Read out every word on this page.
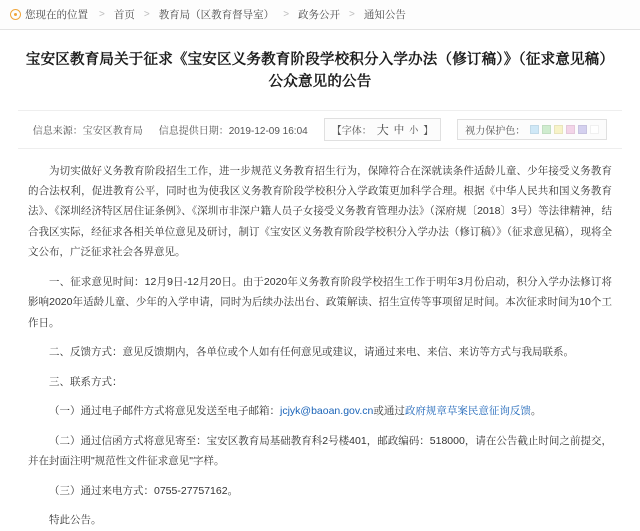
您现在的位置 > 首页 > 教育局（区教育督导室） > 政务公开 > 通知公告
宝安区教育局关于征求《宝安区义务教育阶段学校积分入学办法（修订稿）》（征求意见稿）公众意见的公告
信息来源：宝安区教育局 信息提供日期：2019-12-09 16:04 【字体： 大 中 小 】	视力保护色：

为切实做好义务教育阶段招生工作，进一步规范义务教育招生行为，保障符合在深就读条件适龄儿童、少年接受义务教育的合法权利，促进教育公平，同时也为使我区义务教育阶段学校积分入学政策更加科学合理。根据《中华人民共和国义务教育法》、《深圳经济特区居住证条例》、《深圳市非深户籍人员子女接受义务教育管理办法》（深府规〔2018〕3号）等法律精神，结合我区实际，经征求各相关单位意见及研讨，制订《宝安区义务教育阶段学校积分入学办法（修订稿）》（征求意见稿），现将全文公布，广泛征求社会各界意见。

一、征求意见时间：12月9日-12月20日。由于2020年义务教育阶段学校招生工作于明年3月份启动，积分入学办法修订将影响2020年适龄儿童、少年的入学申请，同时为后续办法出台、政策解读、招生宣传等事项留足时间。本次征求时间为10个工作日。

二、反馈方式：意见反馈期内，各单位或个人如有任何意见或建议，请通过来电、来信、来访等方式与我局联系。

三、联系方式：

（一）通过电子邮件方式将意见发送至电子邮箱：jcjyk@baoan.gov.cn或通过政府规章草案民意征询反馈。

（二）通过信函方式将意见寄至：宝安区教育局基础教育科2号楼401，邮政编码：518000，请在公告截止时间之前提交，并在封面注明"规范性文件征求意见"字样。

（三）通过来电方式：0755-27757162。

特此公告。
